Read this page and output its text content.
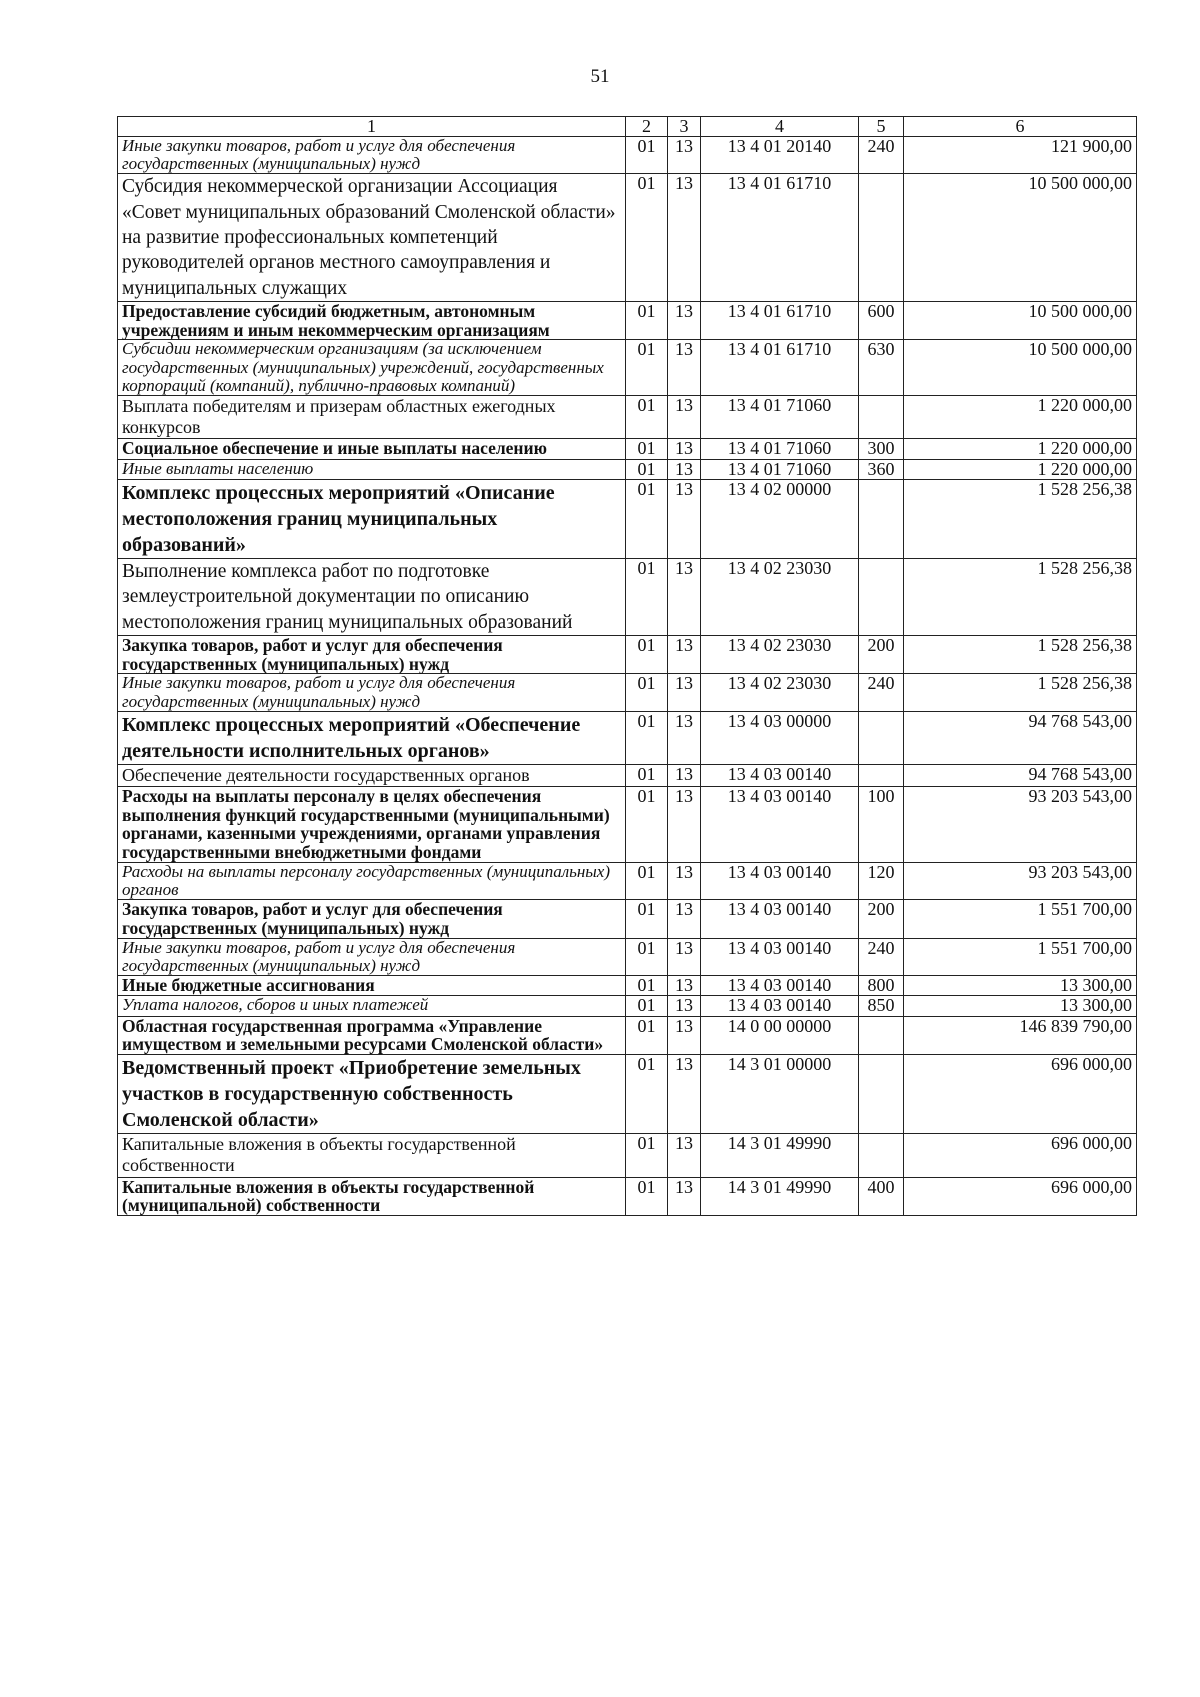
51
1	2	3	4	5	6
Иные закупки товаров, работ и услуг для обеспечения государственных (муниципальных) нужд	01	13	13 4 01 20140	240	121 900,00
Субсидия некоммерческой организации Ассоциация «Совет муниципальных образований Смоленской области» на развитие профессиональных компетенций руководителей органов местного самоуправления и муниципальных служащих	01	13	13 4 01 61710		10 500 000,00
Предоставление субсидий бюджетным, автономным учреждениям и иным некоммерческим организациям	01	13	13 4 01 61710	600	10 500 000,00
Субсидии некоммерческим организациям (за исключением государственных (муниципальных) учреждений, государственных корпораций (компаний), публично-правовых компаний)	01	13	13 4 01 61710	630	10 500 000,00
Выплата победителям и призерам областных ежегодных конкурсов	01	13	13 4 01 71060		1 220 000,00
Социальное обеспечение и иные выплаты населению	01	13	13 4 01 71060	300	1 220 000,00
Иные выплаты населению	01	13	13 4 01 71060	360	1 220 000,00
Комплекс процессных мероприятий «Описание местоположения границ муниципальных образований»	01	13	13 4 02 00000		1 528 256,38
Выполнение комплекса работ по подготовке землеустроительной документации по описанию местоположения границ муниципальных образований	01	13	13 4 02 23030		1 528 256,38
Закупка товаров, работ и услуг для обеспечения государственных (муниципальных) нужд	01	13	13 4 02 23030	200	1 528 256,38
Иные закупки товаров, работ и услуг для обеспечения государственных (муниципальных) нужд	01	13	13 4 02 23030	240	1 528 256,38
Комплекс процессных мероприятий «Обеспечение деятельности исполнительных органов»	01	13	13 4 03 00000		94 768 543,00
Обеспечение деятельности государственных органов	01	13	13 4 03 00140		94 768 543,00
Расходы на выплаты персоналу в целях обеспечения выполнения функций государственными (муниципальными) органами, казенными учреждениями, органами управления государственными внебюджетными фондами	01	13	13 4 03 00140	100	93 203 543,00
Расходы на выплаты персоналу государственных (муниципальных) органов	01	13	13 4 03 00140	120	93 203 543,00
Закупка товаров, работ и услуг для обеспечения государственных (муниципальных) нужд	01	13	13 4 03 00140	200	1 551 700,00
Иные закупки товаров, работ и услуг для обеспечения государственных (муниципальных) нужд	01	13	13 4 03 00140	240	1 551 700,00
Иные бюджетные ассигнования	01	13	13 4 03 00140	800	13 300,00
Уплата налогов, сборов и иных платежей	01	13	13 4 03 00140	850	13 300,00
Областная государственная программа «Управление имуществом и земельными ресурсами Смоленской области»	01	13	14 0 00 00000		146 839 790,00
Ведомственный проект «Приобретение земельных участков в государственную собственность Смоленской области»	01	13	14 3 01 00000		696 000,00
Капитальные вложения в объекты государственной собственности	01	13	14 3 01 49990		696 000,00
Капитальные вложения в объекты государственной (муниципальной) собственности	01	13	14 3 01 49990	400	696 000,00
